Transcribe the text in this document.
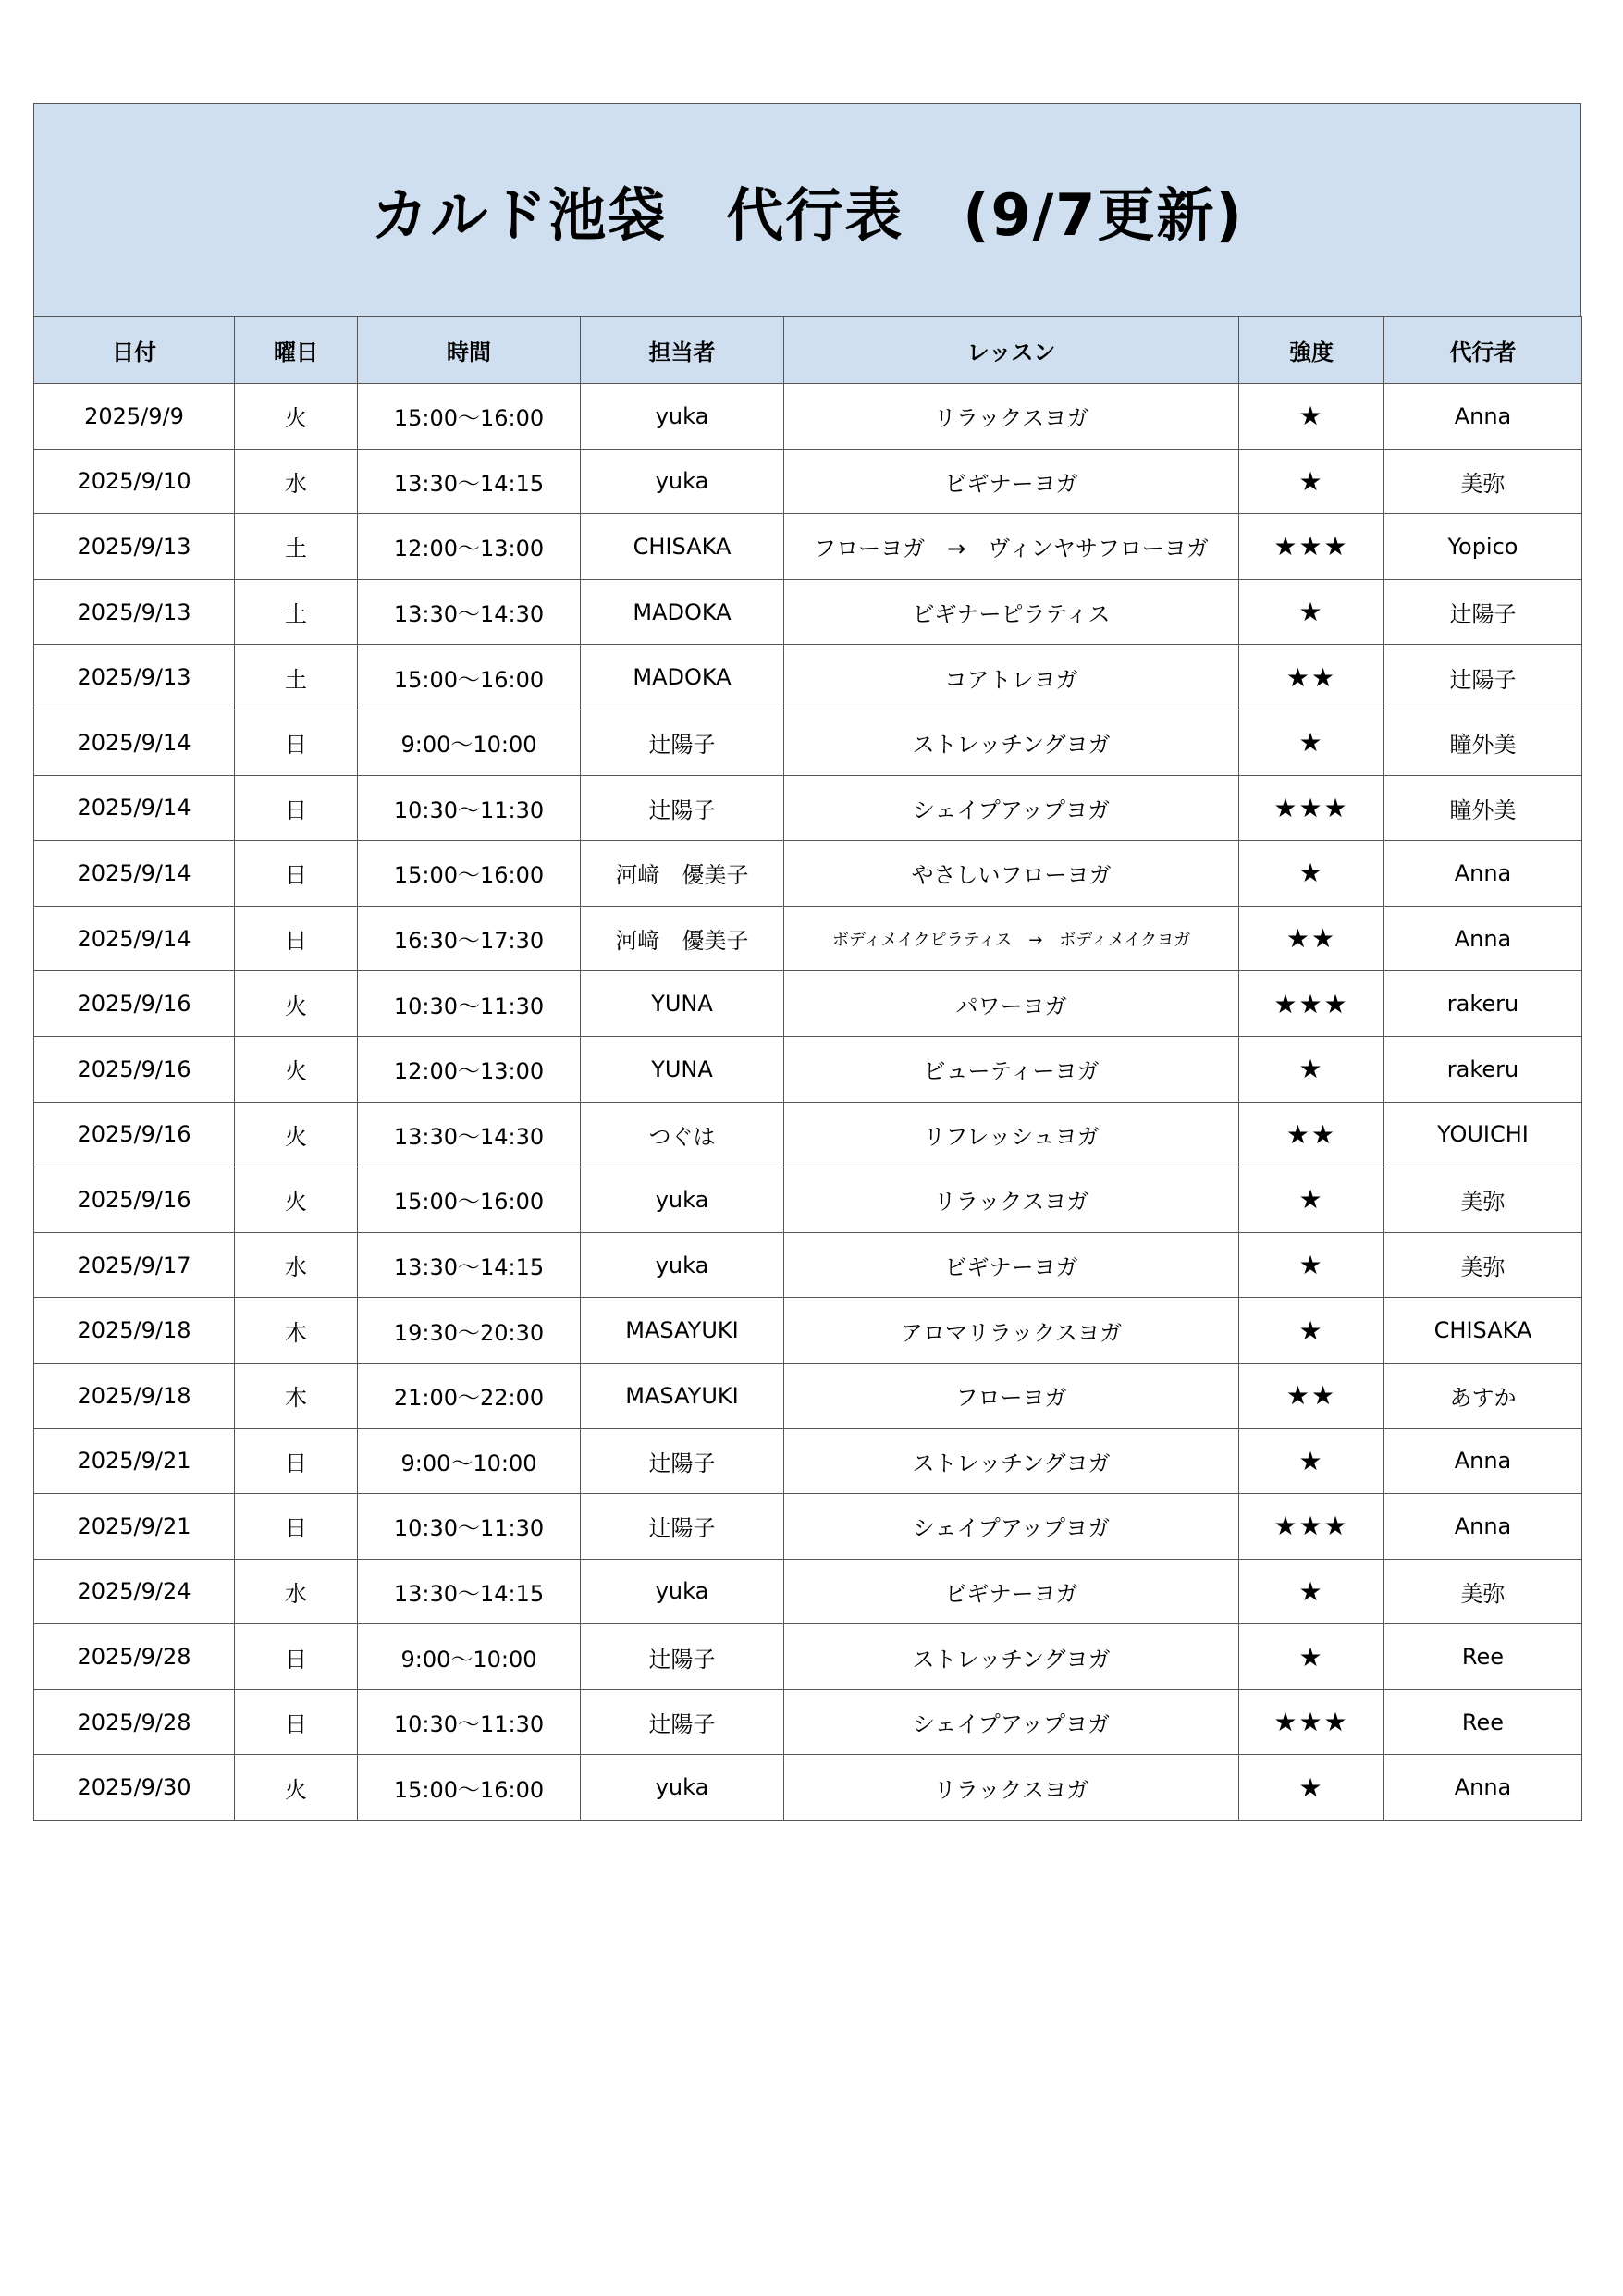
カルド池袋　代行表　(9/7更新)
日付	曜日	時間	担当者	レッスン	強度	代行者
2025/9/9	火	15:00〜16:00	yuka	リラックスヨガ	★	Anna
2025/9/10	水	13:30〜14:15	yuka	ビギナーヨガ	★	美弥
2025/9/13	土	12:00〜13:00	CHISAKA	フローヨガ　→　ヴィンヤサフローヨガ	★★★	Yopico
2025/9/13	土	13:30〜14:30	MADOKA	ビギナーピラティス	★	辻陽子
2025/9/13	土	15:00〜16:00	MADOKA	コアトレヨガ	★★	辻陽子
2025/9/14	日	9:00〜10:00	辻陽子	ストレッチングヨガ	★	瞳外美
2025/9/14	日	10:30〜11:30	辻陽子	シェイプアップヨガ	★★★	瞳外美
2025/9/14	日	15:00〜16:00	河﨑　優美子	やさしいフローヨガ	★	Anna
2025/9/14	日	16:30〜17:30	河﨑　優美子	ボディメイクピラティス　→　ボディメイクヨガ	★★	Anna
2025/9/16	火	10:30〜11:30	YUNA	パワーヨガ	★★★	rakeru
2025/9/16	火	12:00〜13:00	YUNA	ビューティーヨガ	★	rakeru
2025/9/16	火	13:30〜14:30	つぐは	リフレッシュヨガ	★★	YOUICHI
2025/9/16	火	15:00〜16:00	yuka	リラックスヨガ	★	美弥
2025/9/17	水	13:30〜14:15	yuka	ビギナーヨガ	★	美弥
2025/9/18	木	19:30〜20:30	MASAYUKI	アロマリラックスヨガ	★	CHISAKA
2025/9/18	木	21:00〜22:00	MASAYUKI	フローヨガ	★★	あすか
2025/9/21	日	9:00〜10:00	辻陽子	ストレッチングヨガ	★	Anna
2025/9/21	日	10:30〜11:30	辻陽子	シェイプアップヨガ	★★★	Anna
2025/9/24	水	13:30〜14:15	yuka	ビギナーヨガ	★	美弥
2025/9/28	日	9:00〜10:00	辻陽子	ストレッチングヨガ	★	Ree
2025/9/28	日	10:30〜11:30	辻陽子	シェイプアップヨガ	★★★	Ree
2025/9/30	火	15:00〜16:00	yuka	リラックスヨガ	★	Anna
